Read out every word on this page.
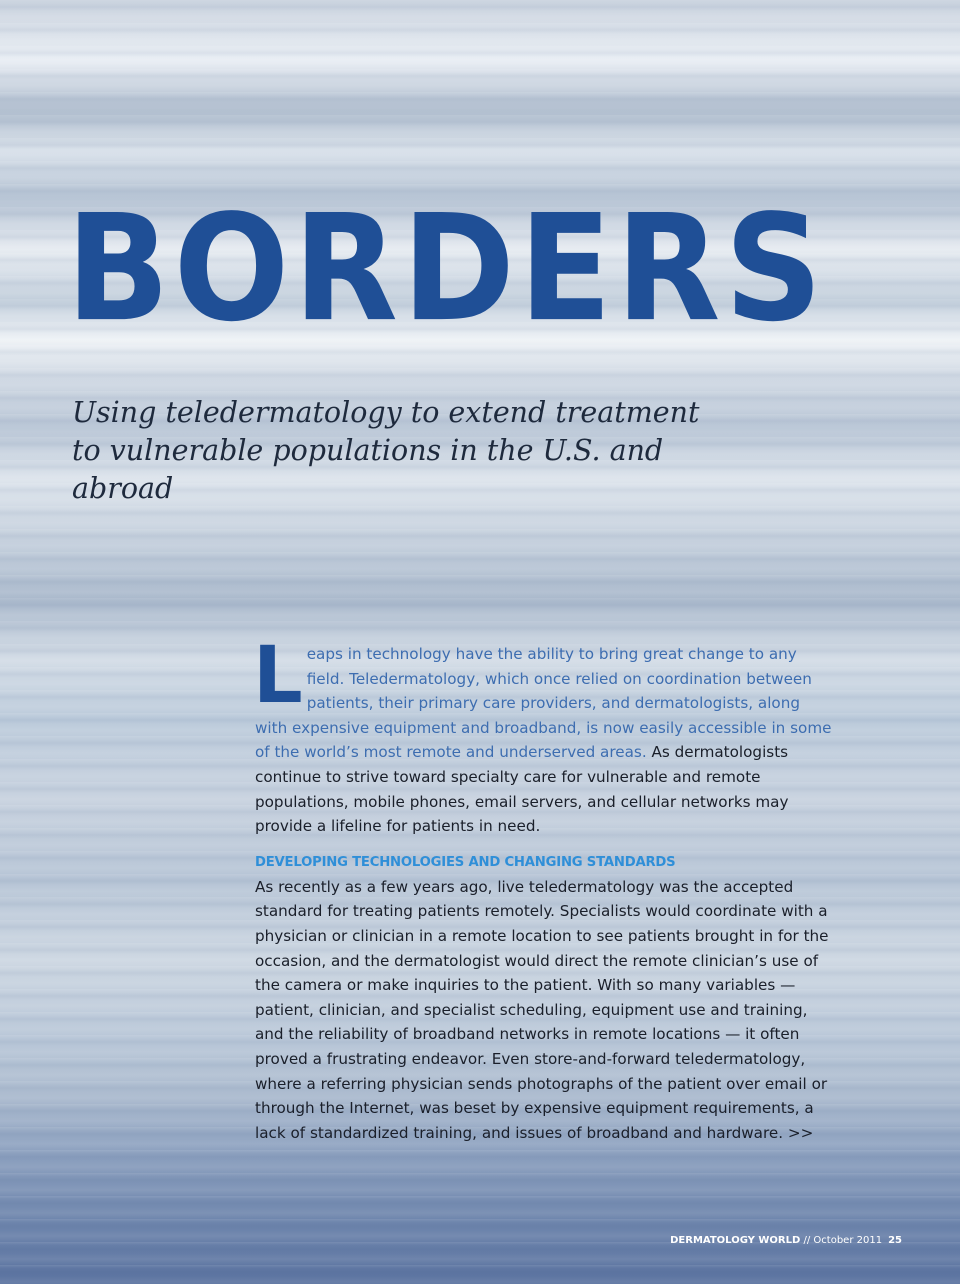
BORDERS

Using teledermatology to extend treatment to vulnerable populations in the U.S. and abroad

Leaps in technology have the ability to bring great change to any field. Teledermatology, which once relied on coordination between patients, their primary care providers, and dermatologists, along with expensive equipment and broadband, is now easily accessible in some of the world’s most remote and underserved areas. As dermatologists continue to strive toward specialty care for vulnerable and remote populations, mobile phones, email servers, and cellular networks may provide a lifeline for patients in need.

DEVELOPING TECHNOLOGIES AND CHANGING STANDARDS

As recently as a few years ago, live teledermatology was the accepted standard for treating patients remotely. Specialists would coordinate with a physician or clinician in a remote location to see patients brought in for the occasion, and the dermatologist would direct the remote clinician’s use of the camera or make inquiries to the patient. With so many variables — patient, clinician, and specialist scheduling, equipment use and training, and the reliability of broadband networks in remote locations — it often proved a frustrating endeavor. Even store-and-forward teledermatology, where a referring physician sends photographs of the patient over email or through the Internet, was beset by expensive equipment requirements, a lack of standardized training, and issues of broadband and hardware. >>

DERMATOLOGY WORLD // October 2011 25
